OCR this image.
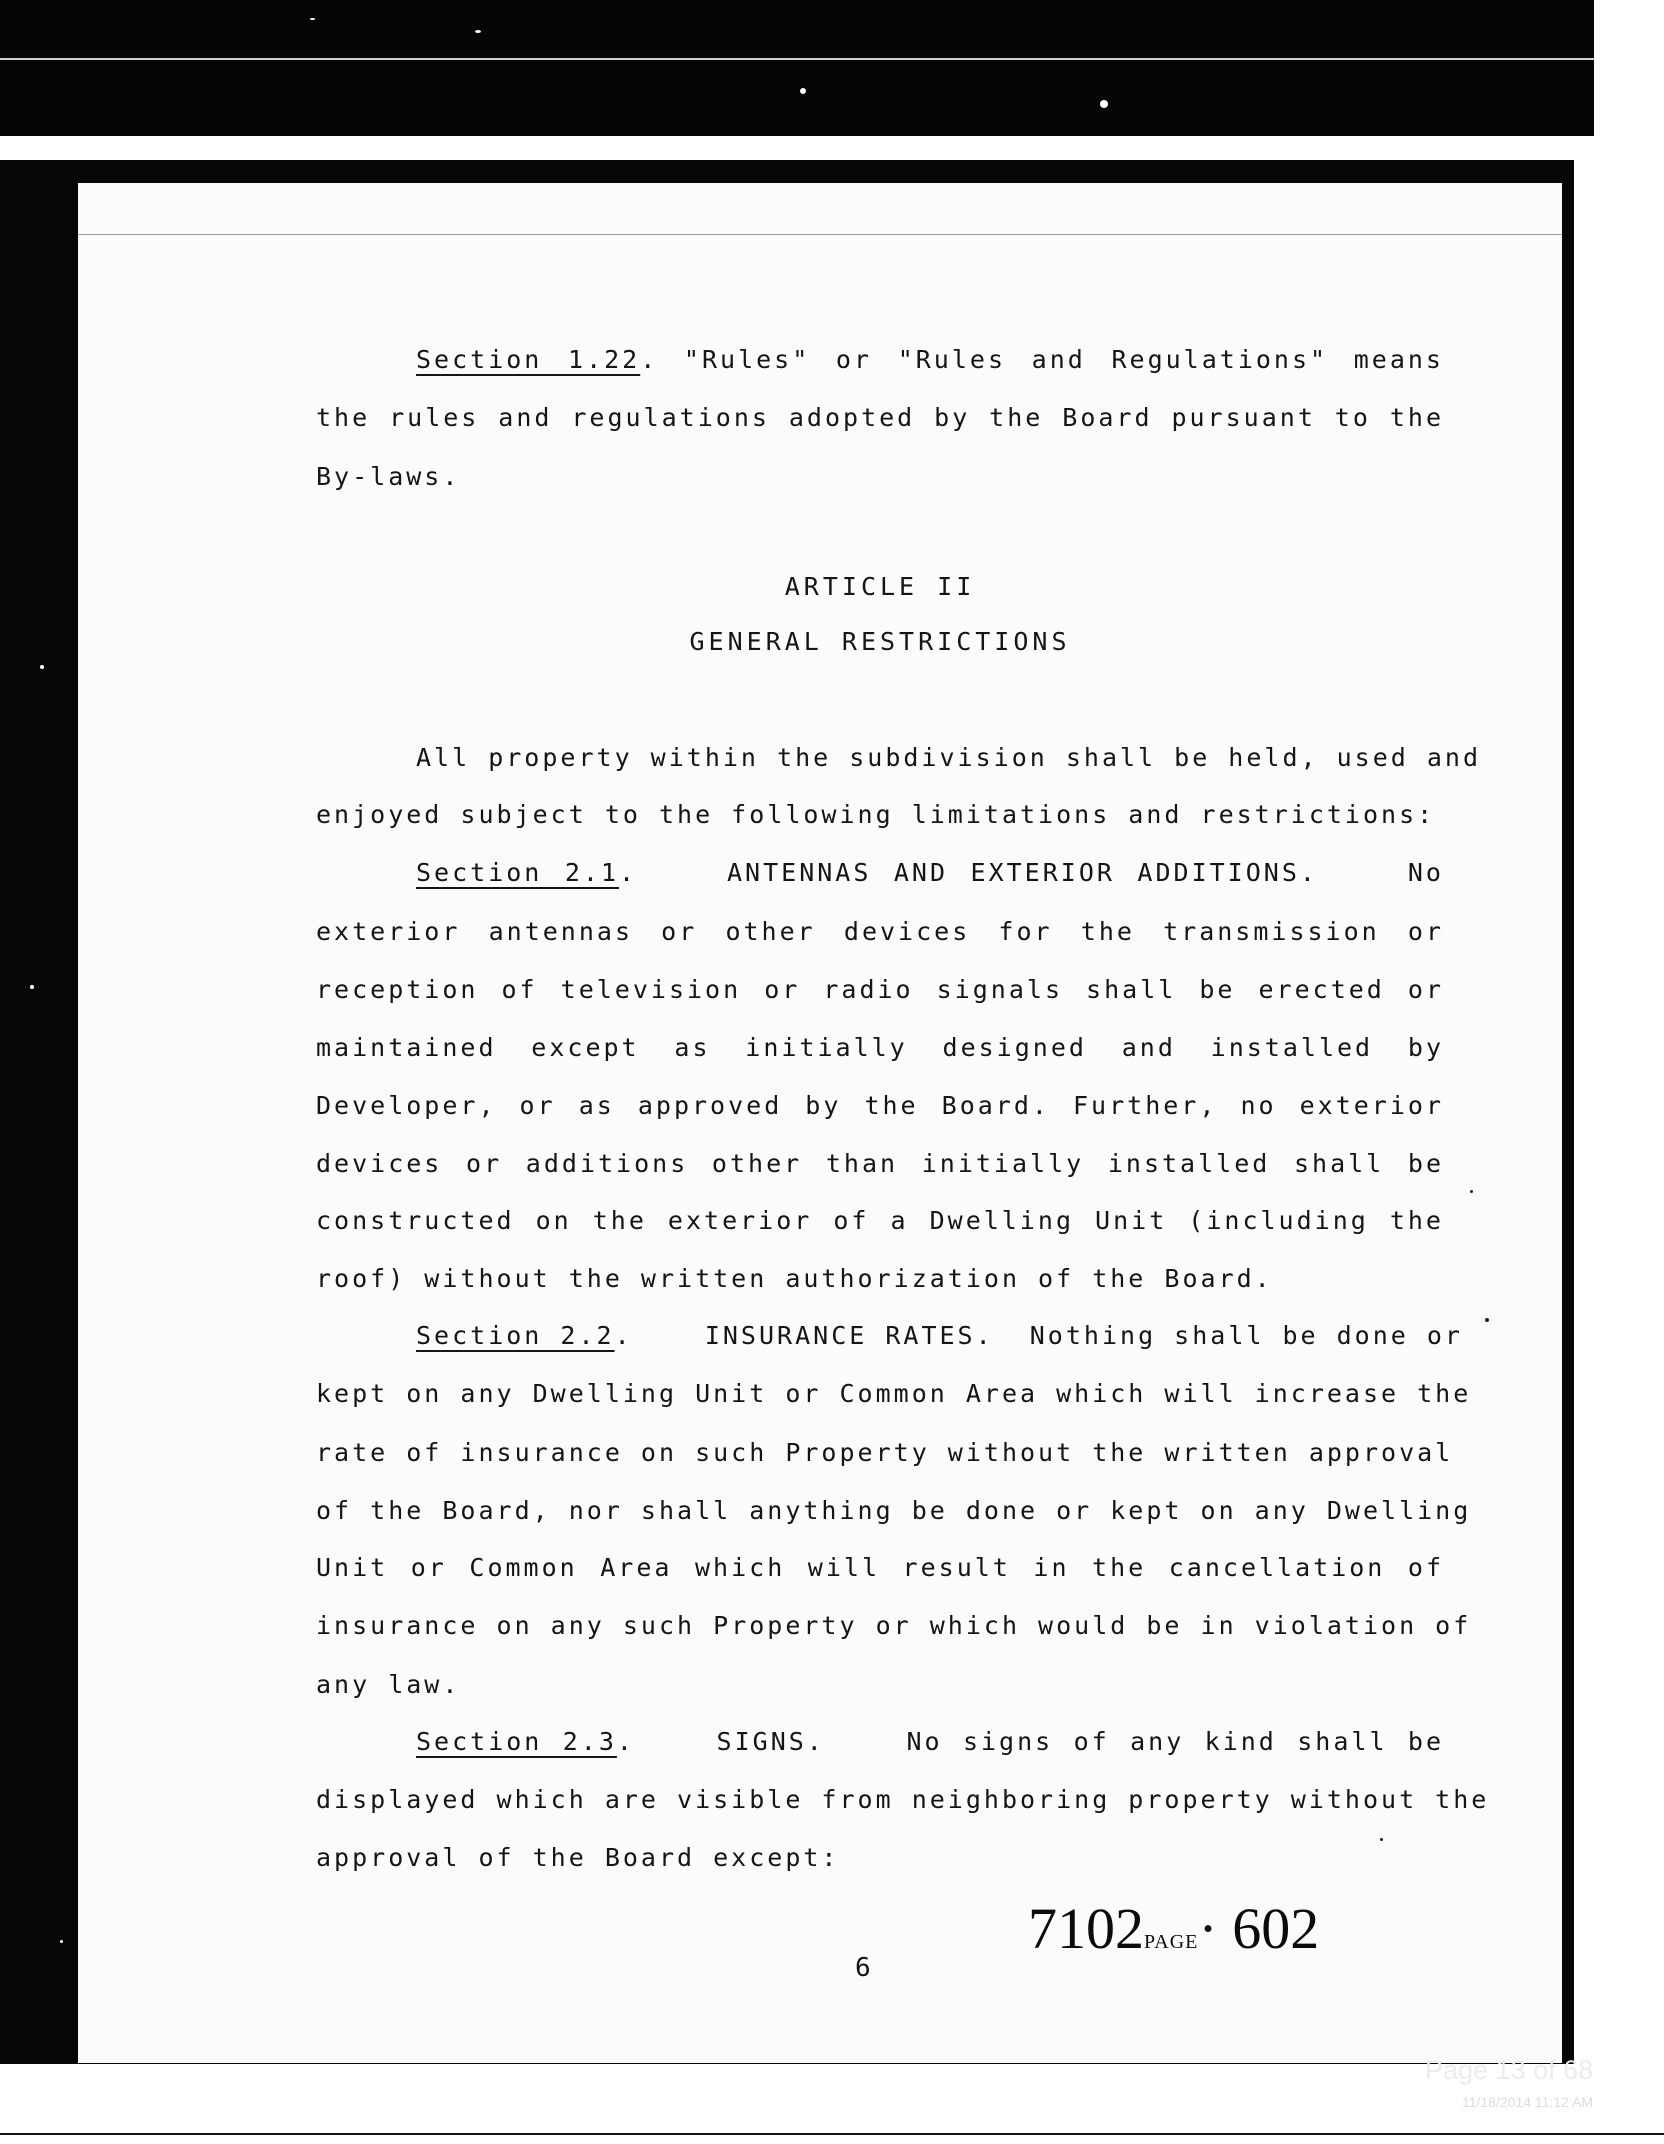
Section 1.22. "Rules" or "Rules and Regulations" means
the rules and regulations adopted by the Board pursuant to the
By-laws.
ARTICLE II
GENERAL RESTRICTIONS
All property within the subdivision shall be held, used and
enjoyed subject to the following limitations and restrictions:
Section 2.1.    ANTENNAS AND EXTERIOR ADDITIONS.    No
exterior antennas or other devices for the transmission or
reception of television or radio signals shall be erected or
maintained except as initially designed and installed by
Developer, or as approved by the Board. Further, no exterior
devices or additions other than initially installed shall be
constructed on the exterior of a Dwelling Unit (including the
roof) without the written authorization of the Board.
Section 2.2.    INSURANCE RATES.  Nothing shall be done or
kept on any Dwelling Unit or Common Area which will increase the
rate of insurance on such Property without the written approval
of the Board, nor shall anything be done or kept on any Dwelling
Unit or Common Area which will result in the cancellation of
insurance on any such Property or which would be in violation of
any law.
Section 2.3.    SIGNS.    No signs of any kind shall be
displayed which are visible from neighboring property without the
approval of the Board except:
7102PAGE· 602
6
Page 13 of 68
11/18/2014 11:12 AM
